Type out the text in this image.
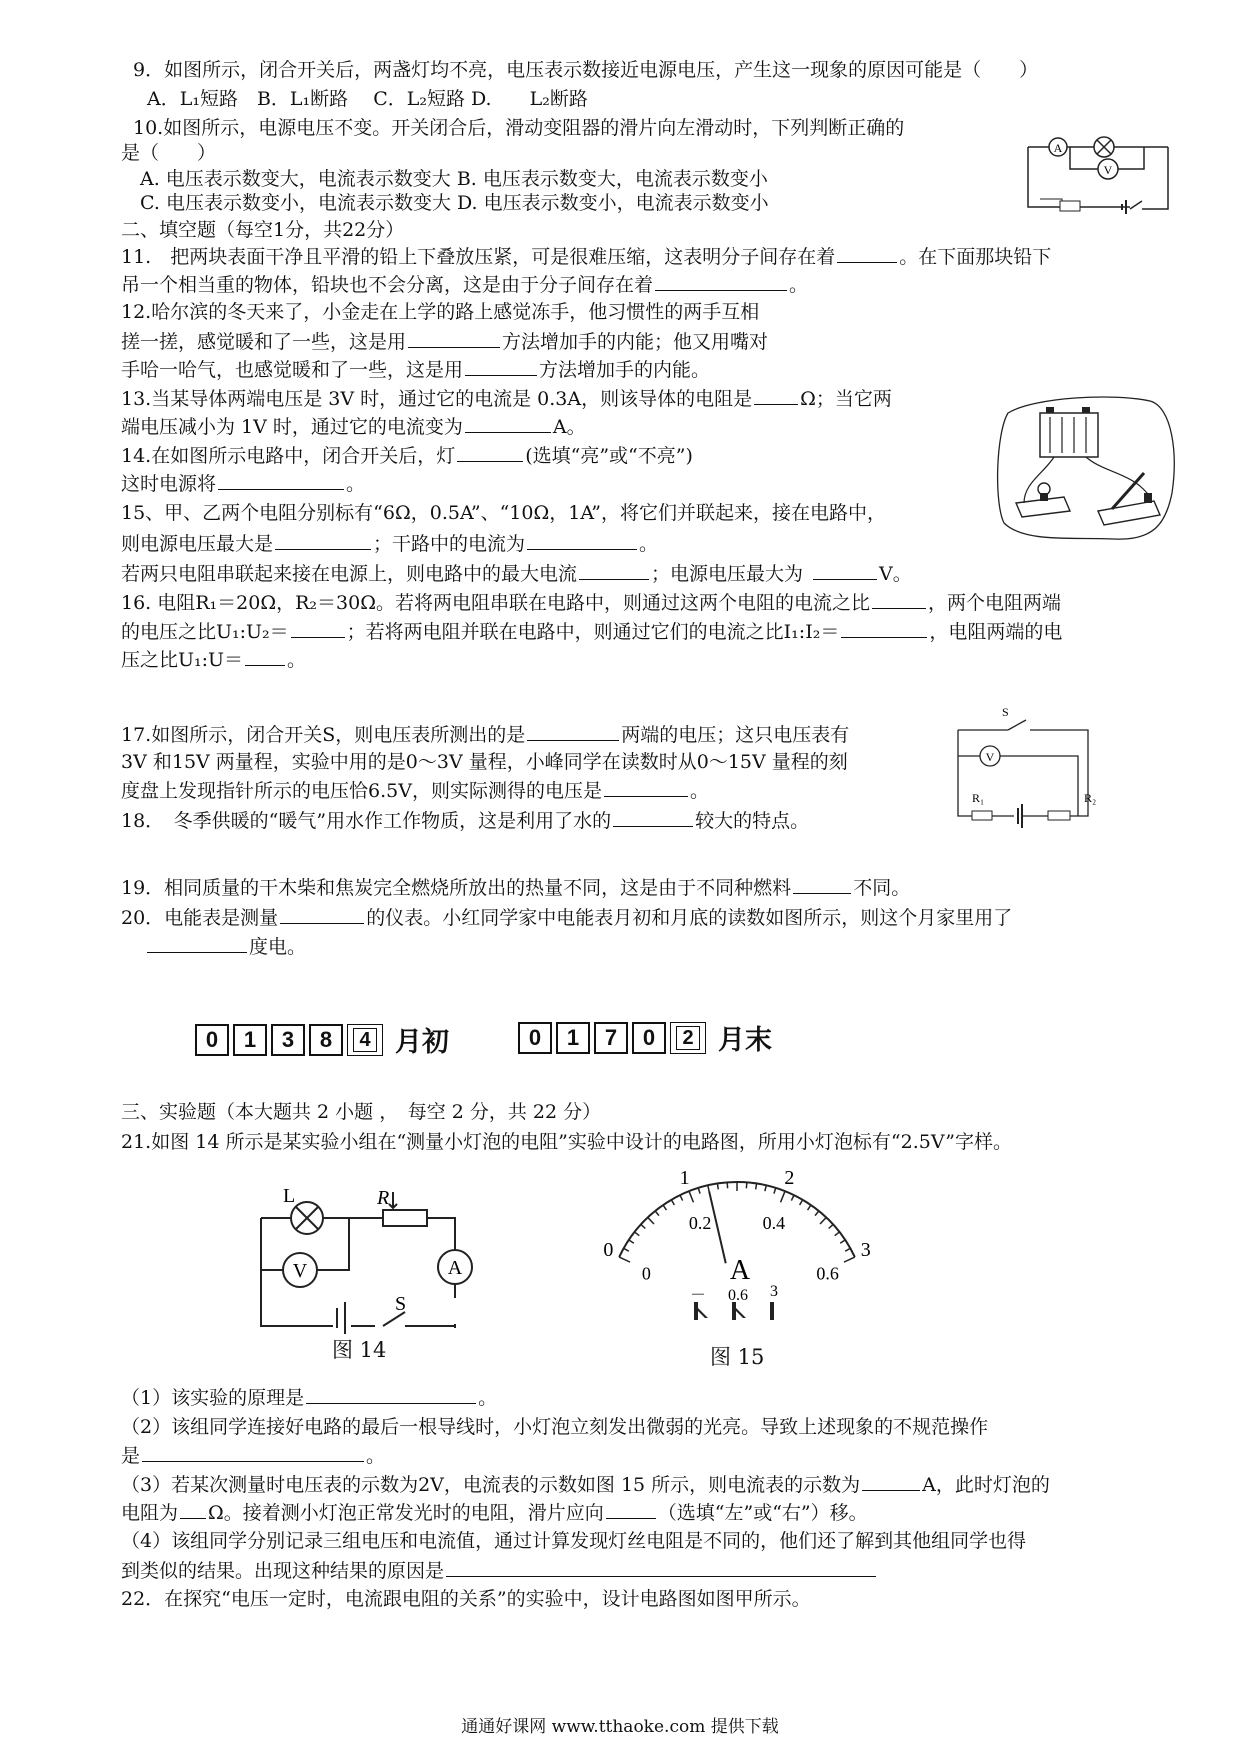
9．如图所示，闭合开关后，两盏灯均不亮，电压表示数接近电源电压，产生这一现象的原因可能是（　　）
A．L₁短路　B．L₁断路　 C．L₂短路 D.　　L₂断路
10.如图所示，电源电压不变。开关闭合后，滑动变阻器的滑片向左滑动时，下列判断正确的
是（　　）
A. 电压表示数变大，电流表示数变大 B. 电压表示数变大，电流表示数变小
C. 电压表示数变小，电流表示数变大 D. 电压表示数变小，电流表示数变小
A
V
二、填空题（每空1分，共22分）
11.　把两块表面干净且平滑的铅上下叠放压紧，可是很难压缩，这表明分子间存在着	。在下面那块铅下
吊一个相当重的物体，铅块也不会分离，这是由于分子间存在着	。
12.哈尔滨的冬天来了，小金走在上学的路上感觉冻手，他习惯性的两手互相
搓一搓，感觉暖和了一些，这是用	方法增加手的内能；他又用嘴对
手哈一哈气，也感觉暖和了一些，这是用	方法增加手的内能。
13.当某导体两端电压是 3V 时，通过它的电流是 0.3A，则该导体的电阻是	Ω；当它两
端电压减小为 1V 时，通过它的电流变为	A。
14.在如图所示电路中，闭合开关后，灯	(选填“亮”或“不亮”)
这时电源将	。
15、甲、乙两个电阻分别标有“6Ω，0.5A”、“10Ω，1A”，将它们并联起来，接在电路中，
则电源电压最大是	；干路中的电流为	。
若两只电阻串联起来接在电源上，则电路中的最大电流	；电源电压最大为	V。
16. 电阻R₁＝20Ω，R₂＝30Ω。若将两电阻串联在电路中，则通过这两个电阻的电流之比	，两个电阻两端
的电压之比U₁:U₂＝	；若将两电阻并联在电路中，则通过它们的电流之比I₁:I₂＝	，电阻两端的电
压之比U₁:U＝ 。
17.如图所示，闭合开关S，则电压表所测出的是	两端的电压；这只电压表有
3V 和15V 两量程，实验中用的是0～3V 量程，小峰同学在读数时从0～15V 量程的刻
度盘上发现指针所示的电压恰6.5V，则实际测得的电压是	。
S
V
R₁	R₂
18．　冬季供暖的“暖气”用水作工作物质，这是利用了水的	较大的特点。
19．相同质量的干木柴和焦炭完全燃烧所放出的热量不同，这是由于不同种燃料	不同。
20．电能表是测量	的仪表。小红同学家中电能表月初和月底的读数如图所示，则这个月家里用了
度电。
0	1	3	8	4 月初	0	1	7	0	2 月末
三、实验题（本大题共 2 小题 ，　每空 2 分，共 22 分）
21.如图 14 所示是某实验小组在“测量小灯泡的电阻”实验中设计的电路图，所用小灯泡标有“2.5V”字样。
L	R
V	A
S
图 14
0
1	2
3
0
0.2	0.4
0.6
A
－ 0.6 3
图 15
（1）该实验的原理是	。
（2）该组同学连接好电路的最后一根导线时，小灯泡立刻发出微弱的光亮。导致上述现象的不规范操作
是	。
（3）若某次测量时电压表的示数为2V，电流表的示数如图 15 所示，则电流表的示数为	A，此时灯泡的
电阻为 Ω。接着测小灯泡正常发光时的电阻，滑片应向	（选填“左”或“右”）移。
（4）该组同学分别记录三组电压和电流值，通过计算发现灯丝电阻是不同的，他们还了解到其他组同学也得
到类似的结果。出现这种结果的原因是
22．在探究“电压一定时，电流跟电阻的关系”的实验中，设计电路图如图甲所示。
通通好课网 www.tthaoke.com 提供下载
